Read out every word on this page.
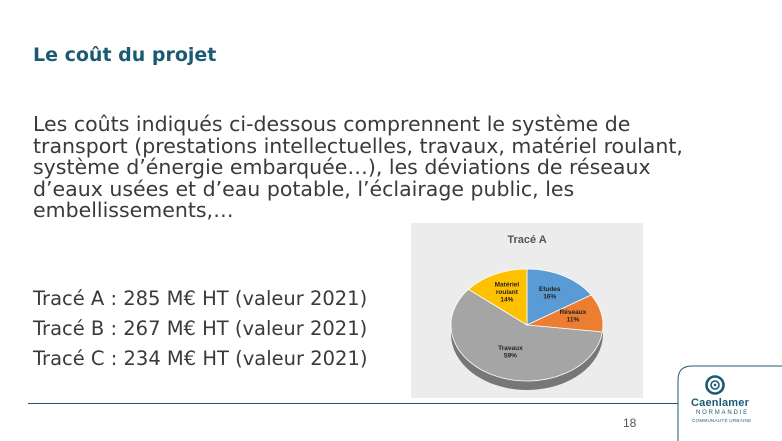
Le coût du projet
Les coûts indiqués ci-dessous comprennent le système de
transport (prestations intellectuelles, travaux, matériel roulant,
système d’énergie embarquée…), les déviations de réseaux
d’eaux usées et d’eau potable, l’éclairage public, les
embellissements,…
Tracé A : 285 M€ HT (valeur 2021)
Tracé B : 267 M€ HT (valeur 2021)
Tracé C : 234 M€ HT (valeur 2021)
Tracé A
Etudes 16%
Réseaux 11%
Travaux 59%
Matériel roulant 14%
18
Caenlamer
NORMANDIE
COMMUNAUTÉ URBAINE
